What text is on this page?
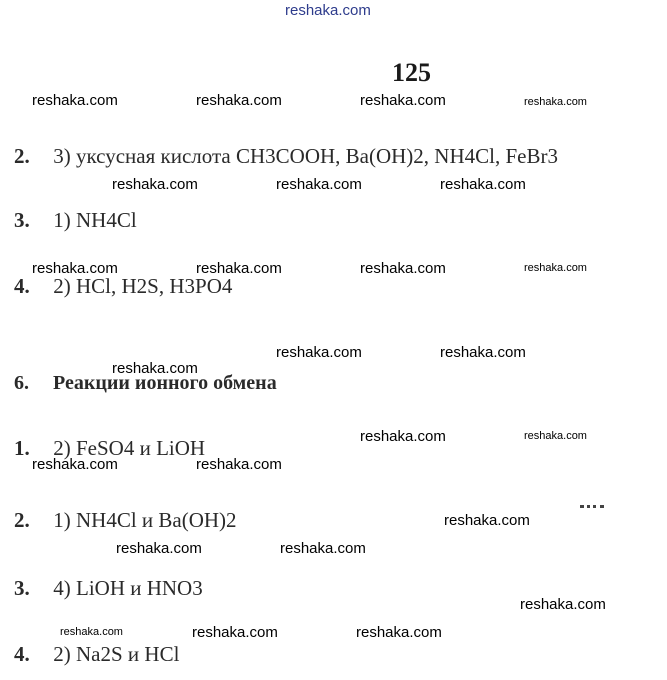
reshaka.com
125
reshaka.com	reshaka.com	reshaka.com	reshaka.com
2. 3) уксусная кислота CH3COOH, Ba(OH)2, NH4Cl, FeBr3
reshaka.com	reshaka.com	reshaka.com
3. 1) NH4Cl
reshaka.com	reshaka.com	reshaka.com	reshaka.com
4. 2) HCl, H2S, H3PO4
reshaka.com	reshaka.com
reshaka.com
6. Реакции ионного обмена
reshaka.com	reshaka.com
1. 2) FeSO4 и LiOH
reshaka.com	reshaka.com
2. 1) NH4Cl и Ba(OH)2	reshaka.com
reshaka.com	reshaka.com
3. 4) LiOH и HNO3
reshaka.com
reshaka.com	reshaka.com	reshaka.com
4. 2) Na2S и HCl
